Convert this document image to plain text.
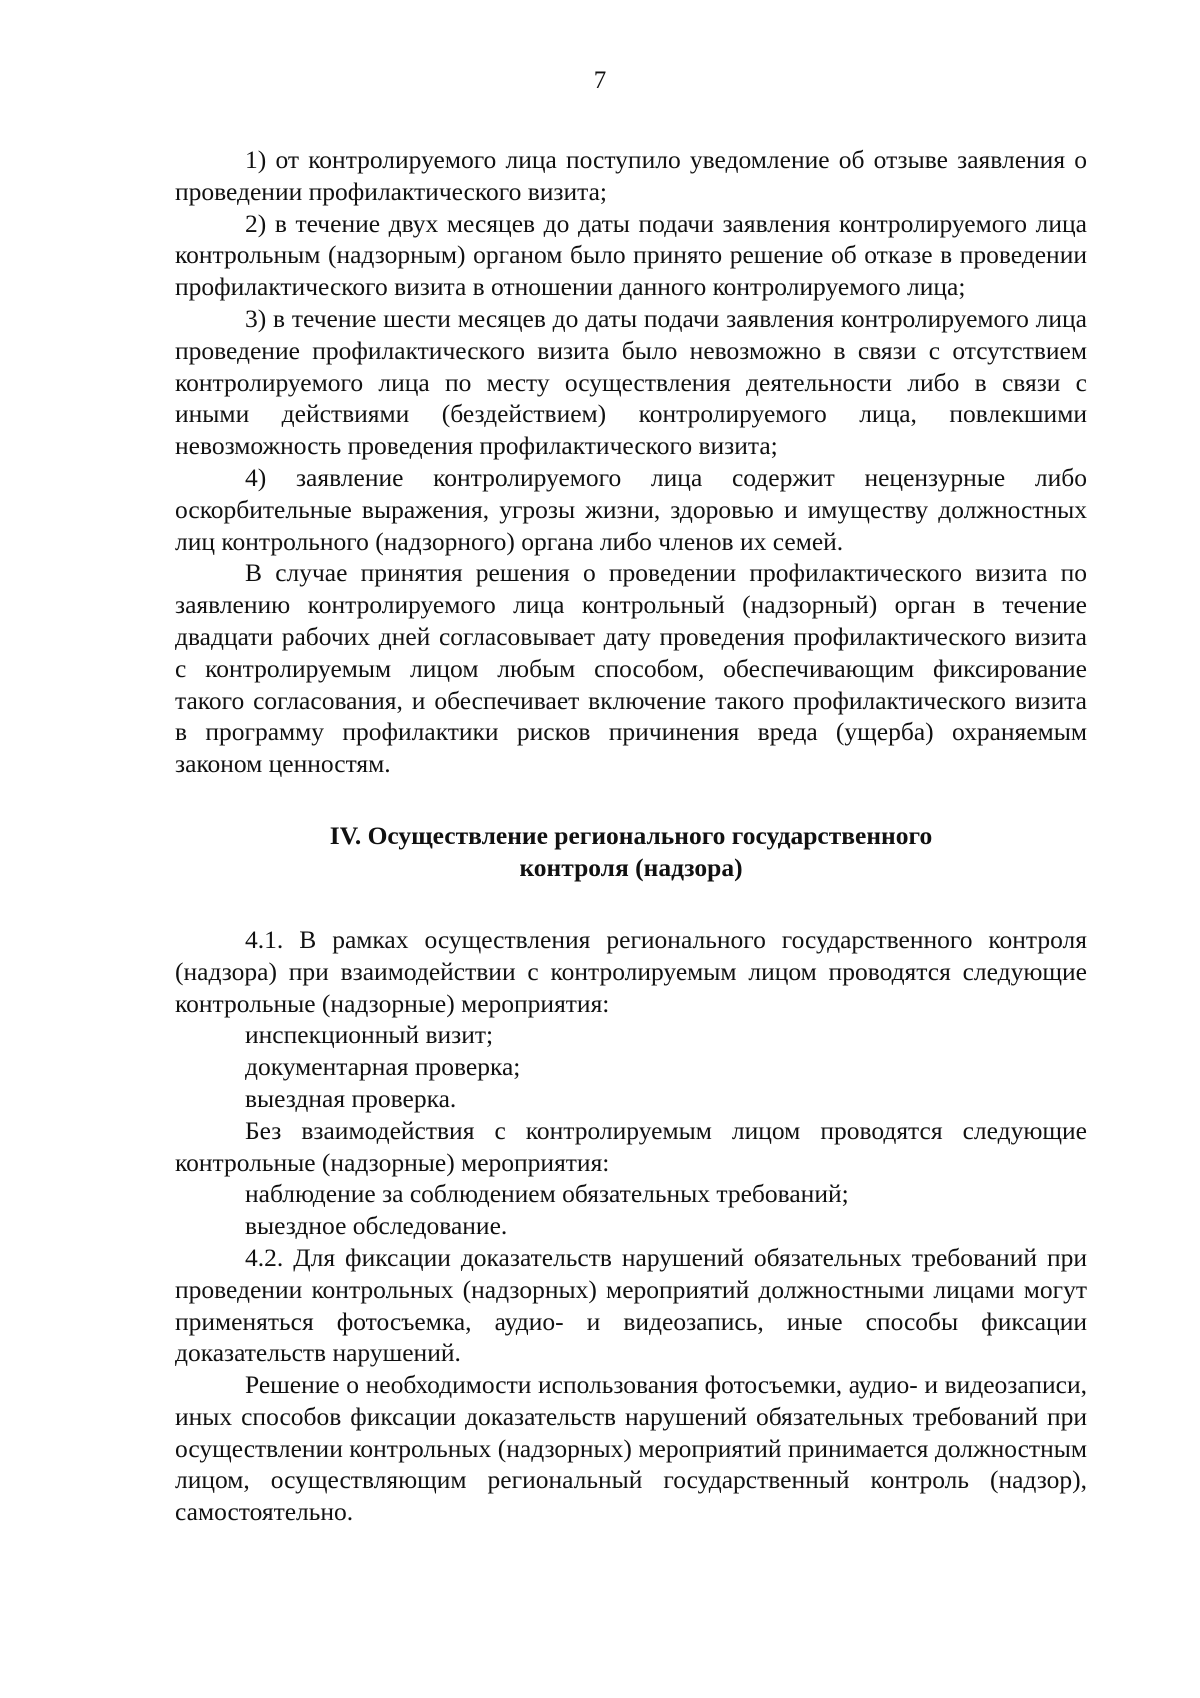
7

1) от контролируемого лица поступило уведомление об отзыве заявления о проведении профилактического визита;

2) в течение двух месяцев до даты подачи заявления контролируемого лица контрольным (надзорным) органом было принято решение об отказе в проведении профилактического визита в отношении данного контролируемого лица;

3) в течение шести месяцев до даты подачи заявления контролируемого лица проведение профилактического визита было невозможно в связи с отсутствием контролируемого лица по месту осуществления деятельности либо в связи с иными действиями (бездействием) контролируемого лица, повлекшими невозможность проведения профилактического визита;

4) заявление контролируемого лица содержит нецензурные либо оскорбительные выражения, угрозы жизни, здоровью и имуществу должностных лиц контрольного (надзорного) органа либо членов их семей.

В случае принятия решения о проведении профилактического визита по заявлению контролируемого лица контрольный (надзорный) орган в течение двадцати рабочих дней согласовывает дату проведения профилактического визита с контролируемым лицом любым способом, обеспечивающим фиксирование такого согласования, и обеспечивает включение такого профилактического визита в программу профилактики рисков причинения вреда (ущерба) охраняемым законом ценностям.

IV. Осуществление регионального государственного
контроля (надзора)

4.1. В рамках осуществления регионального государственного контроля (надзора) при взаимодействии с контролируемым лицом проводятся следующие контрольные (надзорные) мероприятия:

инспекционный визит;

документарная проверка;

выездная проверка.

Без взаимодействия с контролируемым лицом проводятся следующие контрольные (надзорные) мероприятия:

наблюдение за соблюдением обязательных требований;

выездное обследование.

4.2. Для фиксации доказательств нарушений обязательных требований при проведении контрольных (надзорных) мероприятий должностными лицами могут применяться фотосъемка, аудио- и видеозапись, иные способы фиксации доказательств нарушений.

Решение о необходимости использования фотосъемки, аудио- и видеозаписи, иных способов фиксации доказательств нарушений обязательных требований при осуществлении контрольных (надзорных) мероприятий принимается должностным лицом, осуществляющим региональный государственный контроль (надзор), самостоятельно.
